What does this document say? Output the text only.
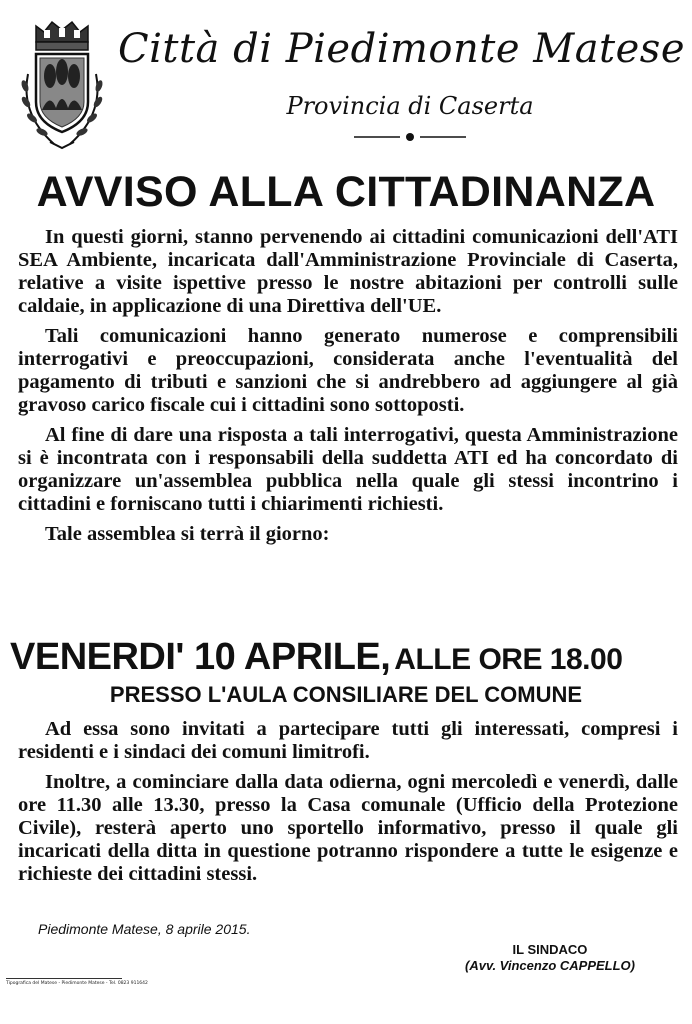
Città di Piedimonte Matese
Provincia di Caserta
AVVISO ALLA CITTADINANZA

In questi giorni, stanno pervenendo ai cittadini comunicazioni dell'ATI SEA Ambiente, incaricata dall'Amministrazione Provinciale di Caserta, relative a visite ispettive presso le nostre abitazioni per controlli sulle caldaie, in applicazione di una Direttiva dell'UE.

Tali comunicazioni hanno generato numerose e comprensibili interrogativi e preoccupazioni, considerata anche l'eventualità del pagamento di tributi e sanzioni che si andrebbero ad aggiungere al già gravoso carico fiscale cui i cittadini sono sottoposti.

Al fine di dare una risposta a tali interrogativi, questa Amministrazione si è incontrata con i responsabili della suddetta ATI ed ha concordato di organizzare un'assemblea pubblica nella quale gli stessi incontrino i cittadini e forniscano tutti i chiarimenti richiesti.

Tale assemblea si terrà il giorno:

VENERDI' 10 APRILE, ALLE ORE 18.00
PRESSO L'AULA CONSILIARE DEL COMUNE

Ad essa sono invitati a partecipare tutti gli interessati, compresi i residenti e i sindaci dei comuni limitrofi.

Inoltre, a cominciare dalla data odierna, ogni mercoledì e venerdì, dalle ore 11.30 alle 13.30, presso la Casa comunale (Ufficio della Protezione Civile), resterà aperto uno sportello informativo, presso il quale gli incaricati della ditta in questione potranno rispondere a tutte le esigenze e richieste dei cittadini stessi.

Piedimonte Matese, 8 aprile 2015.
IL SINDACO
(Avv. Vincenzo CAPPELLO)
Tipografica del Matese - Piedimonte Matese - Tel. 0823 911642
